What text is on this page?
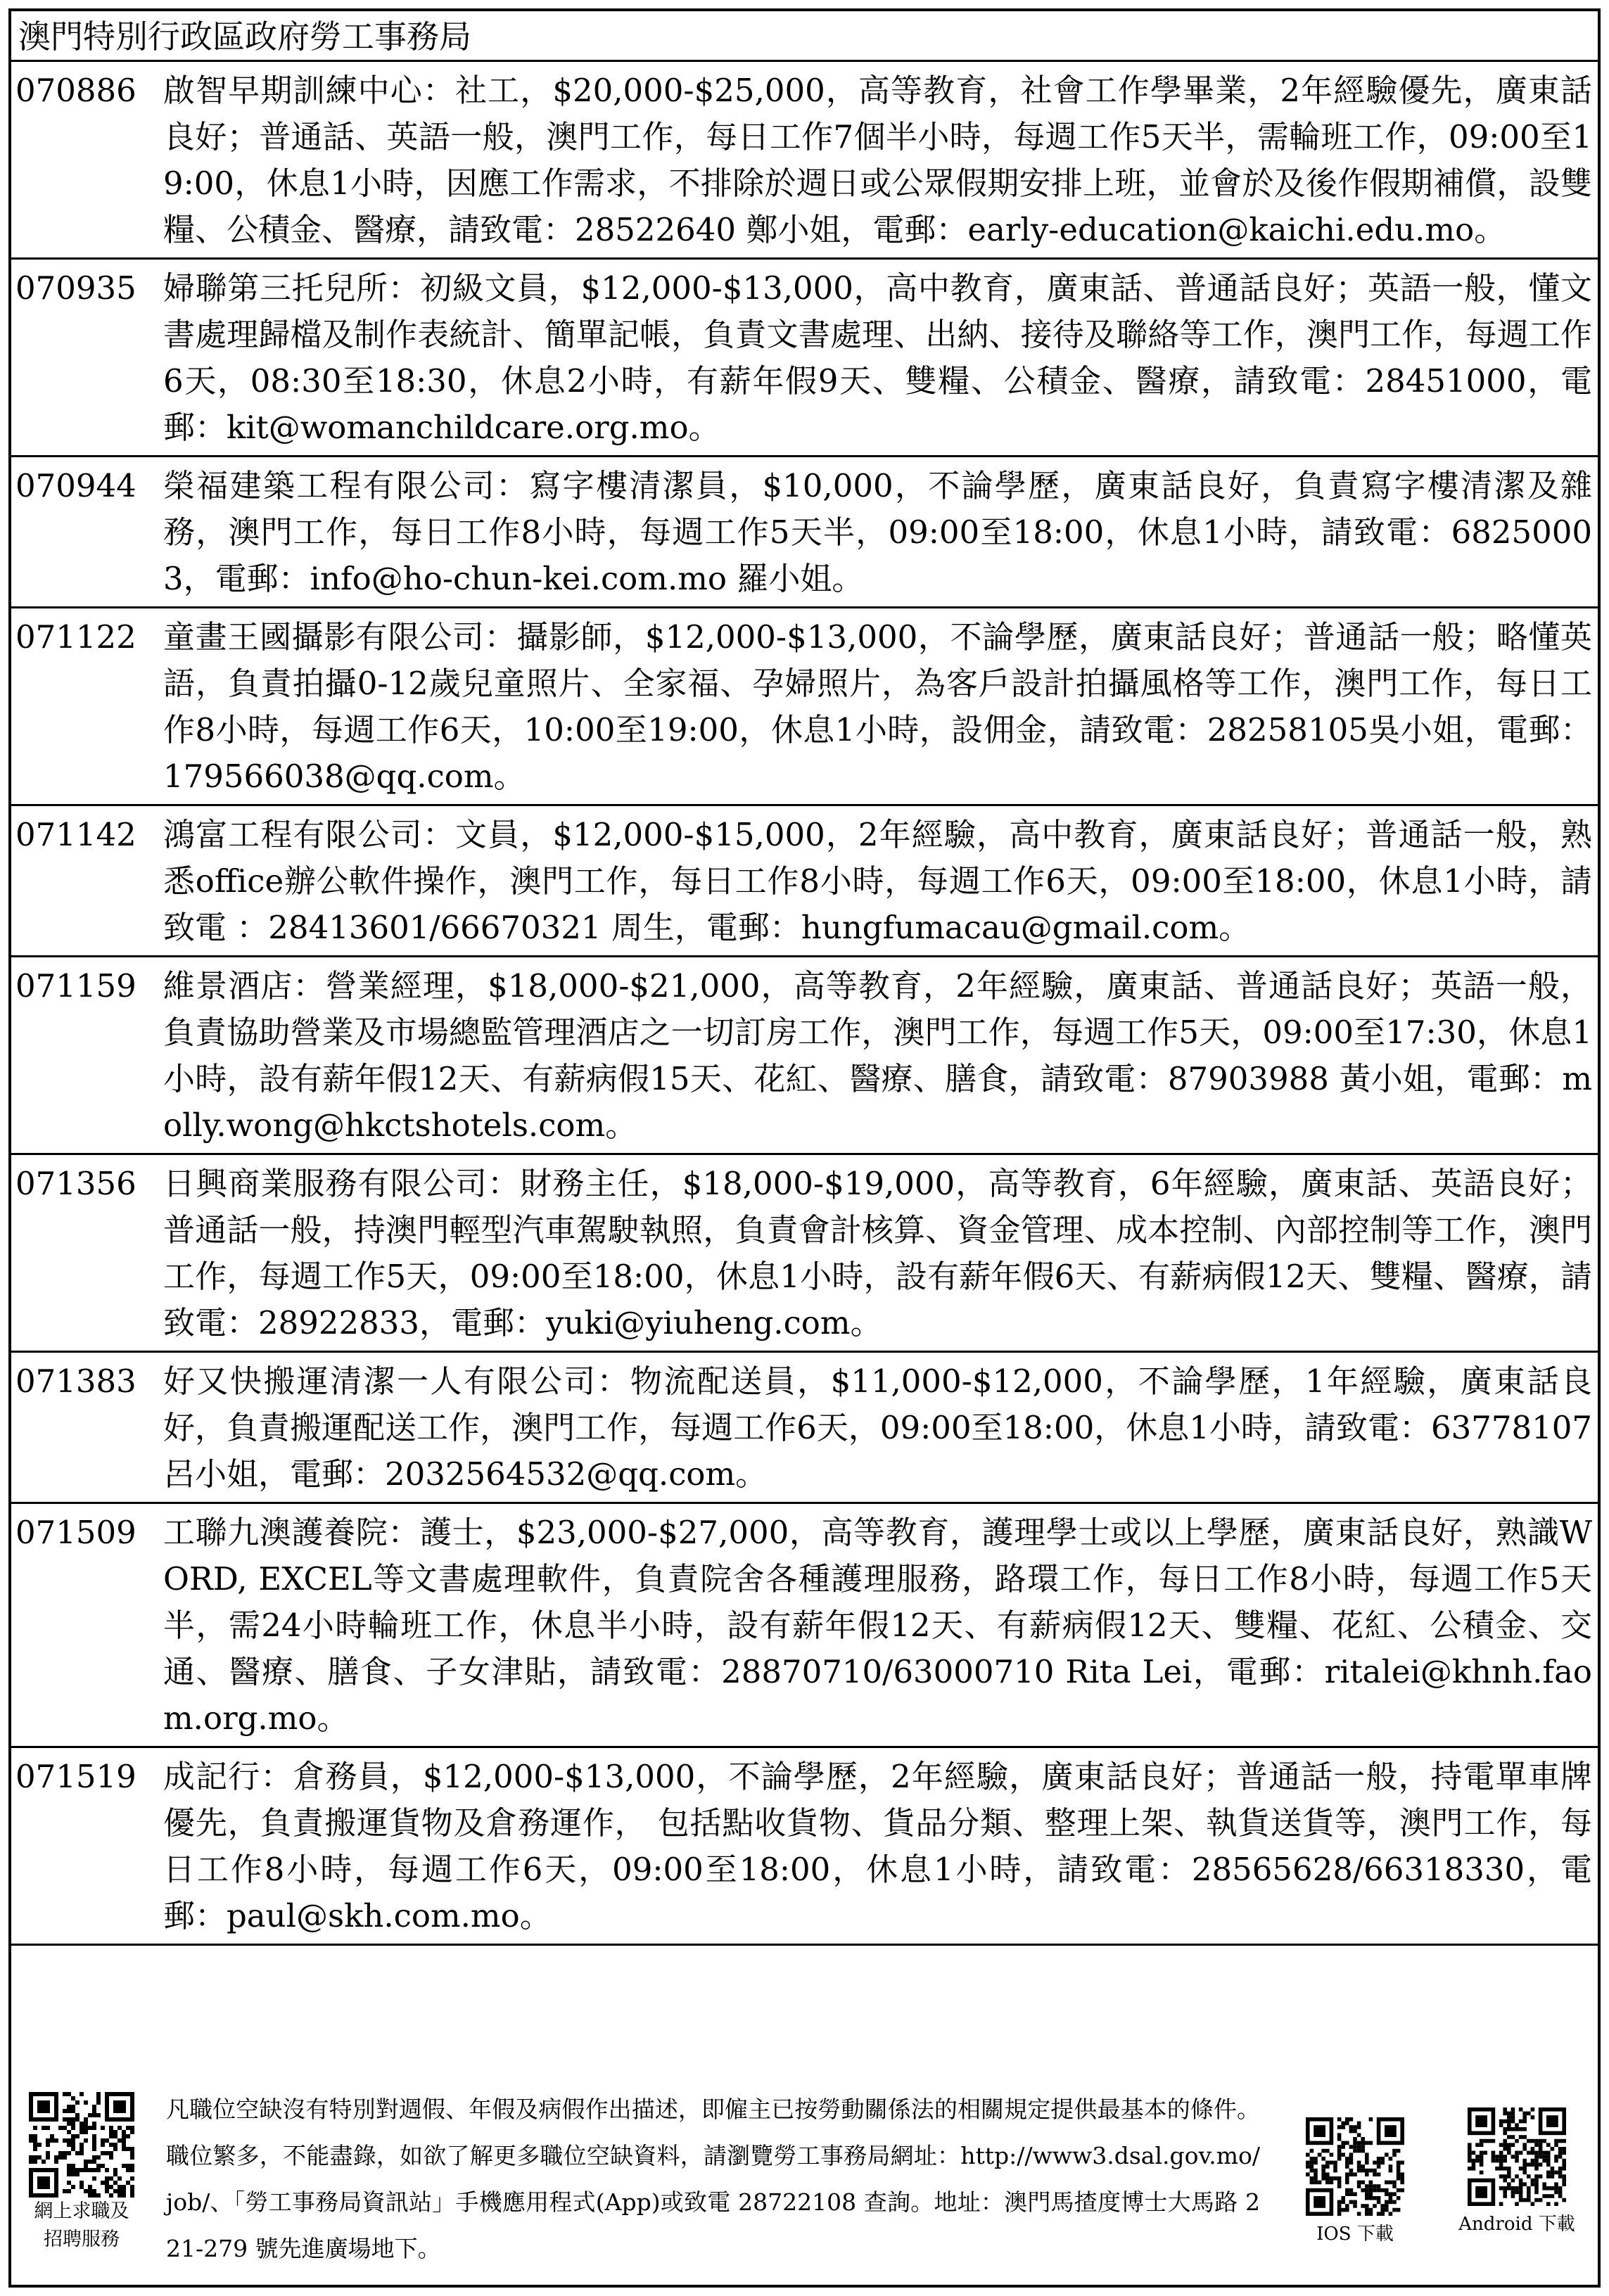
澳門特別行政區政府勞工事務局
070886 啟智早期訓練中心：社工，$20,000-$25,000，高等教育，社會工作學畢業，2年經驗優先，廣東話良好；普通話、英語一般，澳門工作，每日工作7個半小時，每週工作5天半，需輪班工作，09:00至19:00，休息1小時，因應工作需求，不排除於週日或公眾假期安排上班，並會於及後作假期補償，設雙糧、公積金、醫療，請致電：28522640 鄭小姐，電郵：early-education@kaichi.edu.mo。
070935 婦聯第三托兒所：初級文員，$12,000-$13,000，高中教育，廣東話、普通話良好；英語一般，懂文書處理歸檔及制作表統計、簡單記帳，負責文書處理、出納、接待及聯絡等工作，澳門工作，每週工作6天，08:30至18:30，休息2小時，有薪年假9天、雙糧、公積金、醫療，請致電：28451000，電郵：kit@womanchildcare.org.mo。
070944 榮福建築工程有限公司：寫字樓清潔員，$10,000，不論學歷，廣東話良好，負責寫字樓清潔及雜務，澳門工作，每日工作8小時，每週工作5天半，09:00至18:00，休息1小時，請致電：68250003，電郵：info@ho-chun-kei.com.mo 羅小姐。
071122 童畫王國攝影有限公司：攝影師，$12,000-$13,000，不論學歷，廣東話良好；普通話一般；略懂英語，負責拍攝0-12歲兒童照片、全家福、孕婦照片，為客戶設計拍攝風格等工作，澳門工作，每日工作8小時，每週工作6天，10:00至19:00，休息1小時，設佣金，請致電：28258105吳小姐，電郵：179566038@qq.com。
071142 鴻富工程有限公司：文員，$12,000-$15,000，2年經驗，高中教育，廣東話良好；普通話一般，熟悉office辦公軟件操作，澳門工作，每日工作8小時，每週工作6天，09:00至18:00，休息1小時，請致電 ：28413601/66670321 周生，電郵：hungfumacau@gmail.com。
071159 維景酒店：營業經理，$18,000-$21,000，高等教育，2年經驗，廣東話、普通話良好；英語一般，負責協助營業及市場總監管理酒店之一切訂房工作，澳門工作，每週工作5天，09:00至17:30，休息1小時，設有薪年假12天、有薪病假15天、花紅、醫療、膳食，請致電：87903988 黃小姐，電郵：molly.wong@hkctshotels.com。
071356 日興商業服務有限公司：財務主任，$18,000-$19,000，高等教育，6年經驗，廣東話、英語良好；普通話一般，持澳門輕型汽車駕駛執照，負責會計核算、資金管理、成本控制、內部控制等工作，澳門工作，每週工作5天，09:00至18:00，休息1小時，設有薪年假6天、有薪病假12天、雙糧、醫療，請致電：28922833，電郵：yuki@yiuheng.com。
071383 好又快搬運清潔一人有限公司：物流配送員，$11,000-$12,000，不論學歷，1年經驗，廣東話良好，負責搬運配送工作，澳門工作，每週工作6天，09:00至18:00，休息1小時，請致電：63778107 呂小姐，電郵：2032564532@qq.com。
071509 工聯九澳護養院：護士，$23,000-$27,000，高等教育，護理學士或以上學歷，廣東話良好，熟識WORD, EXCEL等文書處理軟件，負責院舍各種護理服務，路環工作，每日工作8小時，每週工作5天半，需24小時輪班工作，休息半小時，設有薪年假12天、有薪病假12天、雙糧、花紅、公積金、交通、醫療、膳食、子女津貼，請致電：28870710/63000710 Rita Lei，電郵：ritalei@khnh.faom.org.mo。
071519 成記行：倉務員，$12,000-$13,000，不論學歷，2年經驗，廣東話良好；普通話一般，持電單車牌優先，負責搬運貨物及倉務運作， 包括點收貨物、貨品分類、整理上架、執貨送貨等，澳門工作，每日工作8小時，每週工作6天，09:00至18:00，休息1小時，請致電：28565628/66318330，電郵：paul@skh.com.mo。
網上求職及
招聘服務
凡職位空缺沒有特別對週假、年假及病假作出描述，即僱主已按勞動關係法的相關規定提供最基本的條件。職位繁多，不能盡錄，如欲了解更多職位空缺資料，請瀏覽勞工事務局網址：http://www3.dsal.gov.mo/job/、「勞工事務局資訊站」手機應用程式(App)或致電 28722108 查詢。地址：澳門馬揸度博士大馬路 221-279 號先進廣場地下。
IOS 下載	Android 下載
